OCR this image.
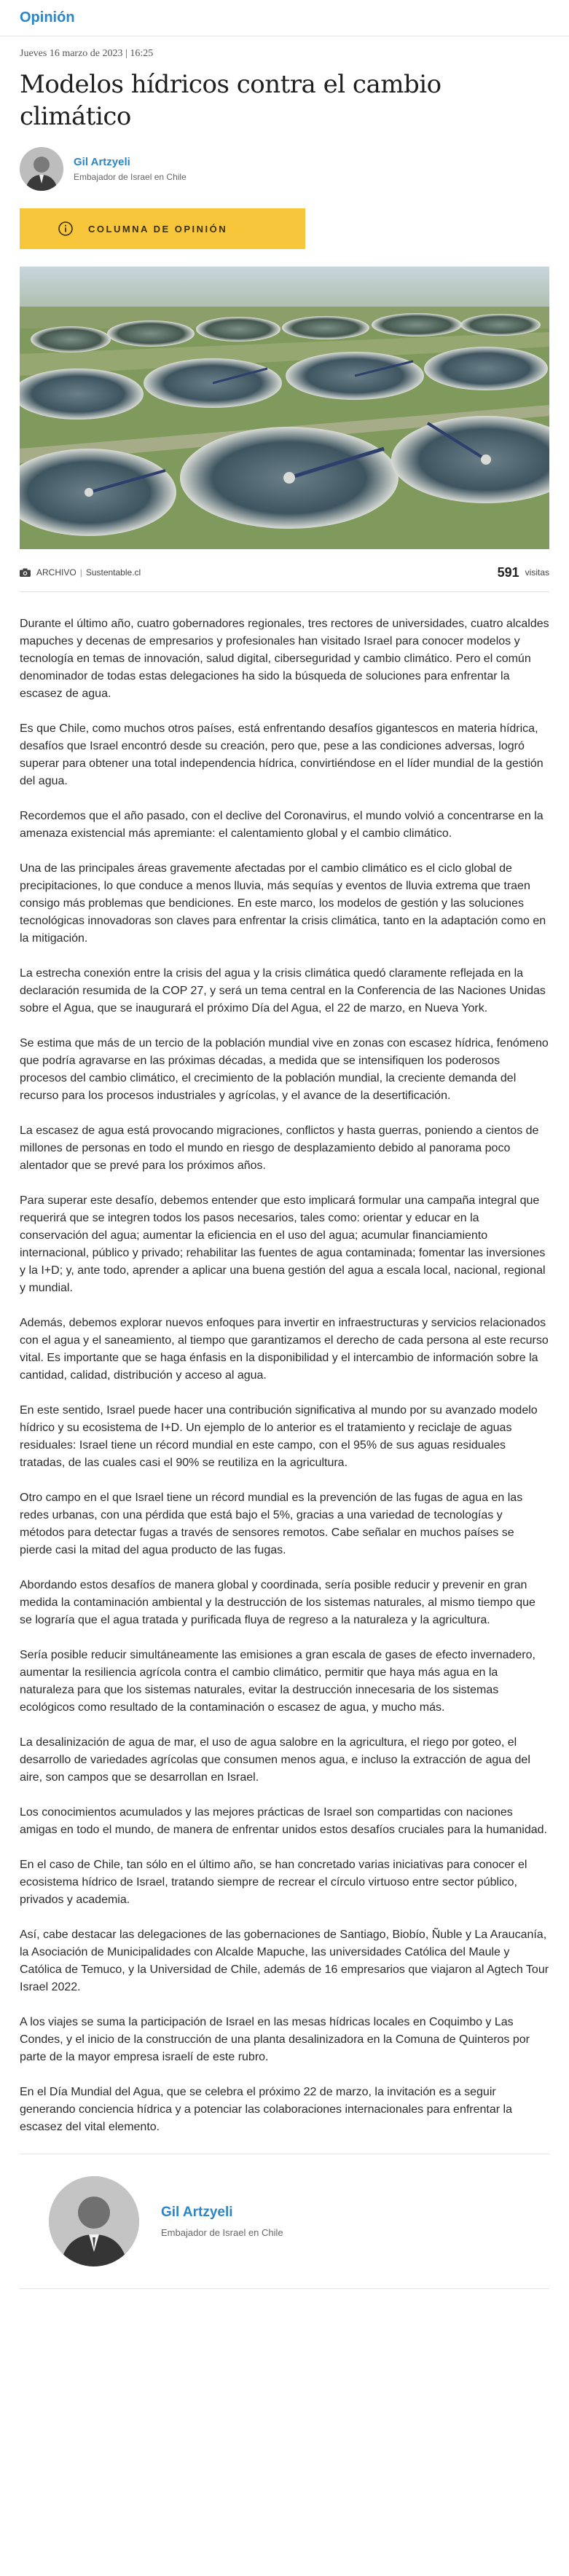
Opinión
Jueves 16 marzo de 2023 | 16:25
Modelos hídricos contra el cambio climático
Gil Artzyeli
Embajador de Israel en Chile
COLUMNA DE OPINIÓN
ARCHIVO | Sustentable.cl	591 visitas

Durante el último año, cuatro gobernadores regionales, tres rectores de universidades, cuatro alcaldes mapuches y decenas de empresarios y profesionales han visitado Israel para conocer modelos y tecnología en temas de innovación, salud digital, ciberseguridad y cambio climático. Pero el común denominador de todas estas delegaciones ha sido la búsqueda de soluciones para enfrentar la escasez de agua.

Es que Chile, como muchos otros países, está enfrentando desafíos gigantescos en materia hídrica, desafíos que Israel encontró desde su creación, pero que, pese a las condiciones adversas, logró superar para obtener una total independencia hídrica, convirtiéndose en el líder mundial de la gestión del agua.

Recordemos que el año pasado, con el declive del Coronavirus, el mundo volvió a concentrarse en la amenaza existencial más apremiante: el calentamiento global y el cambio climático.

Una de las principales áreas gravemente afectadas por el cambio climático es el ciclo global de precipitaciones, lo que conduce a menos lluvia, más sequías y eventos de lluvia extrema que traen consigo más problemas que bendiciones. En este marco, los modelos de gestión y las soluciones tecnológicas innovadoras son claves para enfrentar la crisis climática, tanto en la adaptación como en la mitigación.

La estrecha conexión entre la crisis del agua y la crisis climática quedó claramente reflejada en la declaración resumida de la COP 27, y será un tema central en la Conferencia de las Naciones Unidas sobre el Agua, que se inaugurará el próximo Día del Agua, el 22 de marzo, en Nueva York.

Se estima que más de un tercio de la población mundial vive en zonas con escasez hídrica, fenómeno que podría agravarse en las próximas décadas, a medida que se intensifiquen los poderosos procesos del cambio climático, el crecimiento de la población mundial, la creciente demanda del recurso para los procesos industriales y agrícolas, y el avance de la desertificación.

La escasez de agua está provocando migraciones, conflictos y hasta guerras, poniendo a cientos de millones de personas en todo el mundo en riesgo de desplazamiento debido al panorama poco alentador que se prevé para los próximos años.

Para superar este desafío, debemos entender que esto implicará formular una campaña integral que requerirá que se integren todos los pasos necesarios, tales como: orientar y educar en la conservación del agua; aumentar la eficiencia en el uso del agua; acumular financiamiento internacional, público y privado; rehabilitar las fuentes de agua contaminada; fomentar las inversiones y la I+D; y, ante todo, aprender a aplicar una buena gestión del agua a escala local, nacional, regional y mundial.

Además, debemos explorar nuevos enfoques para invertir en infraestructuras y servicios relacionados con el agua y el saneamiento, al tiempo que garantizamos el derecho de cada persona al este recurso vital. Es importante que se haga énfasis en la disponibilidad y el intercambio de información sobre la cantidad, calidad, distribución y acceso al agua.

En este sentido, Israel puede hacer una contribución significativa al mundo por su avanzado modelo hídrico y su ecosistema de I+D. Un ejemplo de lo anterior es el tratamiento y reciclaje de aguas residuales: Israel tiene un récord mundial en este campo, con el 95% de sus aguas residuales tratadas, de las cuales casi el 90% se reutiliza en la agricultura.

Otro campo en el que Israel tiene un récord mundial es la prevención de las fugas de agua en las redes urbanas, con una pérdida que está bajo el 5%, gracias a una variedad de tecnologías y métodos para detectar fugas a través de sensores remotos. Cabe señalar en muchos países se pierde casi la mitad del agua producto de las fugas.

Abordando estos desafíos de manera global y coordinada, sería posible reducir y prevenir en gran medida la contaminación ambiental y la destrucción de los sistemas naturales, al mismo tiempo que se lograría que el agua tratada y purificada fluya de regreso a la naturaleza y la agricultura.

Sería posible reducir simultáneamente las emisiones a gran escala de gases de efecto invernadero, aumentar la resiliencia agrícola contra el cambio climático, permitir que haya más agua en la naturaleza para que los sistemas naturales, evitar la destrucción innecesaria de los sistemas ecológicos como resultado de la contaminación o escasez de agua, y mucho más.

La desalinización de agua de mar, el uso de agua salobre en la agricultura, el riego por goteo, el desarrollo de variedades agrícolas que consumen menos agua, e incluso la extracción de agua del aire, son campos que se desarrollan en Israel.

Los conocimientos acumulados y las mejores prácticas de Israel son compartidas con naciones amigas en todo el mundo, de manera de enfrentar unidos estos desafíos cruciales para la humanidad.

En el caso de Chile, tan sólo en el último año, se han concretado varias iniciativas para conocer el ecosistema hídrico de Israel, tratando siempre de recrear el círculo virtuoso entre sector público, privados y academia.

Así, cabe destacar las delegaciones de las gobernaciones de Santiago, Biobío, Ñuble y La Araucanía, la Asociación de Municipalidades con Alcalde Mapuche, las universidades Católica del Maule y Católica de Temuco, y la Universidad de Chile, además de 16 empresarios que viajaron al Agtech Tour Israel 2022.

A los viajes se suma la participación de Israel en las mesas hídricas locales en Coquimbo y Las Condes, y el inicio de la construcción de una planta desalinizadora en la Comuna de Quinteros por parte de la mayor empresa israelí de este rubro.

En el Día Mundial del Agua, que se celebra el próximo 22 de marzo, la invitación es a seguir generando conciencia hídrica y a potenciar las colaboraciones internacionales para enfrentar la escasez del vital elemento.

Gil Artzyeli
Embajador de Israel en Chile
